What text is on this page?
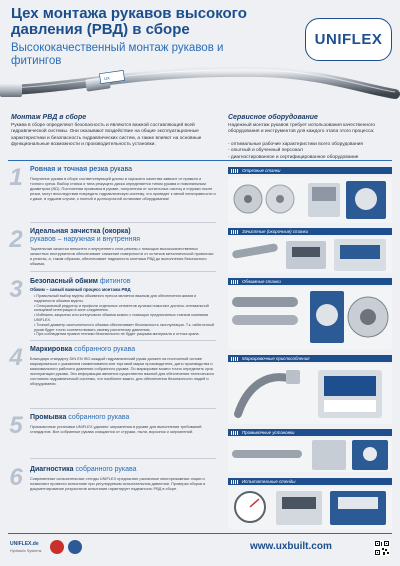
Цех монтажа рукавов высокого давления (РВД) в сборе
Высококачественный монтаж рукавов и фитингов
UNIFLEX
UX
Монтаж РВД в сборе
Рукава в сборе определяют безопасность и являются важной составляющей всей гидравлической системы. Они оказывают воздействие на общие эксплуатационные характеристики и безопасность гидравлических систем, а также влияют на основные функциональные возможности и производительность установки.
Сервисное оборудование
Надежный монтаж рукавов требует использования качественного оборудования и инструментов для каждого этапа этого процесса:
- оптимальные рабочие характеристики всего оборудования
- опытный и обученный персонал
- диагностированное и сертифицированное оборудование
1	Ровная и точная резка рукава
Получение рукава в сборе соответствующей длины и хорошего качества зависит от прямого и точного среза. Выбор станка и типа режущего диска определяется типом рукава и номинальным диаметром (ND). Постоянная промывка в рукаве, полученная от остаточных частиц и стружки после резки, могут впоследствии повредить гидравлическую систему, что приведет к явной неисправности и к даже, в худшем случае, к полной и долгосрочной остановке оборудования!
2	Идеальная зачистка (окорка)
рукавов – наружная и внутренняя
Тщательная зачистка внешнего и внутреннего слоя резины с помощью высококачественных зачистных инструментов обеспечивает снижение поверхности от остатков металлической проволоки и резины, а, таким образом, обеспечивает надежность монтажа РВД до выполнения безопасного обжима.
3	Безопасный обжим фитингов
Обжим – самый важный процесс монтажа РВД
• Правильный выбор муфты обжимного пресса является важным для обеспечения жимов и надежности обжима муфты.
• Специальный редуктор и профили отдельных сегментов кулачка помогают достичь оптимальной кольцевой интеграции в зоне соединения.
• Избежать закрытых или кончунового обжима можно с помощью предписанных станков компании UNIFLEX.
• Точный диаметр окончательного обжима обеспечивает безопасность эксплуатации. Т.к. избыточный рукав будет точно соответствовать своему расчетному давлению.
• При соблюдении правил техники безопасности не будет разрыва материала и оттока крана.
4	Маркировка собранного рукава
Благодаря стандарту DIN EN ISO каждый гидравлический рукав должен на постоянной основе маркироваться с указанием наименования или торговой марки производителя, даты производства и максимального рабочего давления собранного рукава. По маркировке можно точно определить срок эксплуатации рукава. Эти информация является существенно важной для обеспечения технического состояния гидравлической системы, что наиболее важно, для обеспечения безопасности людей и оборудования.
5	Промывка собранного рукава
Промывочные установки UNIFLEX удаляют загрязнения в рукаве для выполнения требований стандартов. Все собранные рукава очищаются от стружки, пыли, ворсинок и загрязнений.
6	Диагностика собранного рукава
Современные испытательные стенды UNIFLEX предлагают различные многорежимные опции и позволяют провести испытание при регулируемом испытательном давлении. Проверка сборки и документирование результатов испытания гарантирует надежность РВД в сборе.
Отрезные станки
Зачистные (окорочные) станки
Обжимные станки
Маркировочные приспособления
Промывочные установки
Испытательные стенды
UNIFLEX.de
Hydraulic Systems	www.uxbuilt.com
